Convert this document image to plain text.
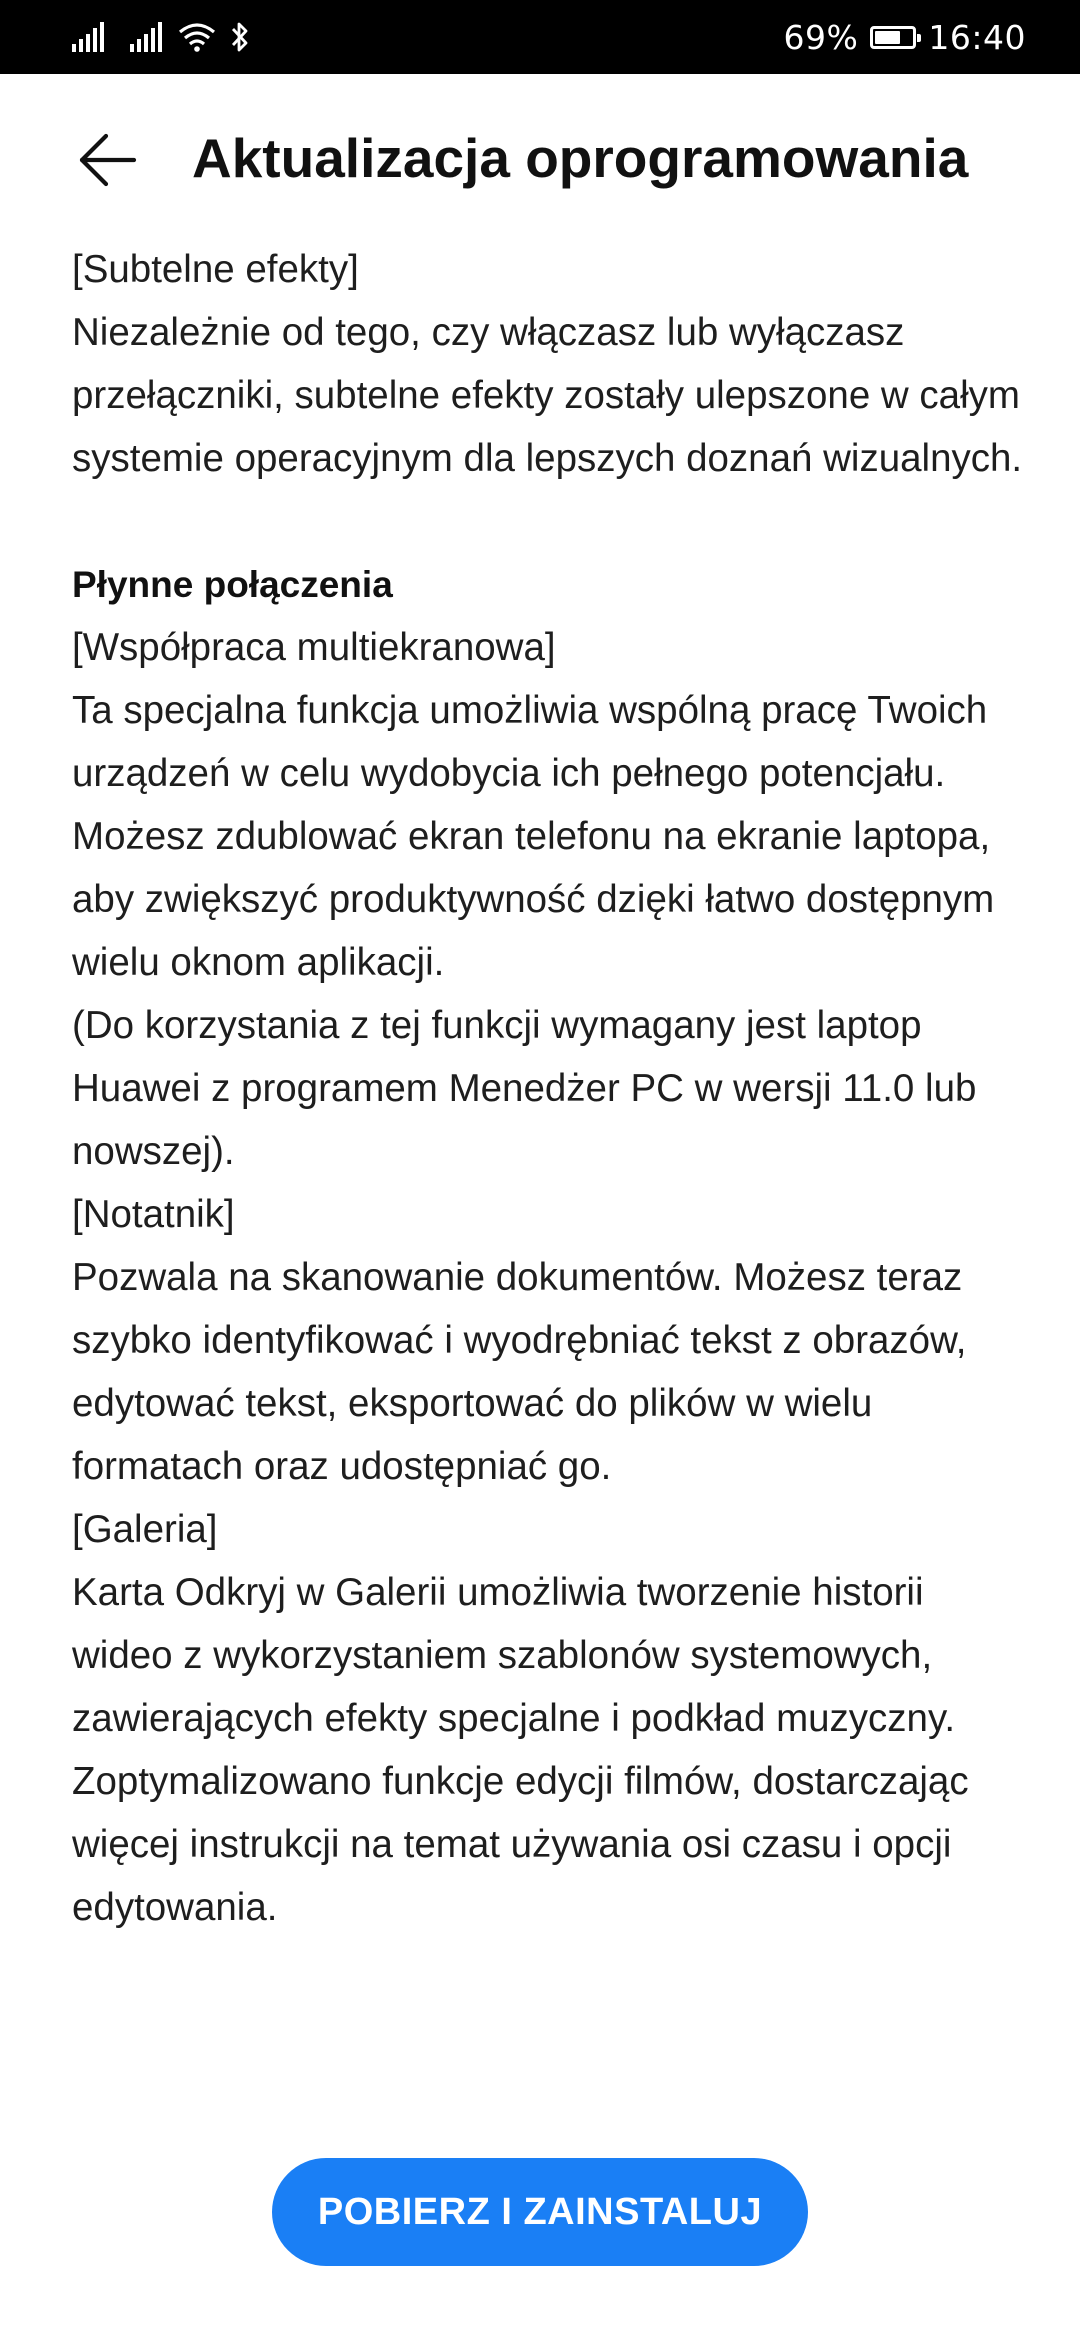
69% 16:40
Aktualizacja oprogramowania

[Subtelne efekty]

Niezależnie od tego, czy włączasz lub wyłączasz przełączniki, subtelne efekty zostały ulepszone w całym systemie operacyjnym dla lepszych doznań wizualnych.

Płynne połączenia

[Współpraca multiekranowa]

Ta specjalna funkcja umożliwia wspólną pracę Twoich urządzeń w celu wydobycia ich pełnego potencjału. Możesz zdublować ekran telefonu na ekranie laptopa, aby zwiększyć produktywność dzięki łatwo dostępnym wielu oknom aplikacji.

(Do korzystania z tej funkcji wymagany jest laptop Huawei z programem Menedżer PC w wersji 11.0 lub nowszej).

[Notatnik]

Pozwala na skanowanie dokumentów. Możesz teraz szybko identyfikować i wyodrębniać tekst z obrazów, edytować tekst, eksportować do plików w wielu formatach oraz udostępniać go.

[Galeria]

Karta Odkryj w Galerii umożliwia tworzenie historii wideo z wykorzystaniem szablonów systemowych, zawierających efekty specjalne i podkład muzyczny.

Zoptymalizowano funkcje edycji filmów, dostarczając więcej instrukcji na temat używania osi czasu i opcji edytowania.

POBIERZ I ZAINSTALUJ
